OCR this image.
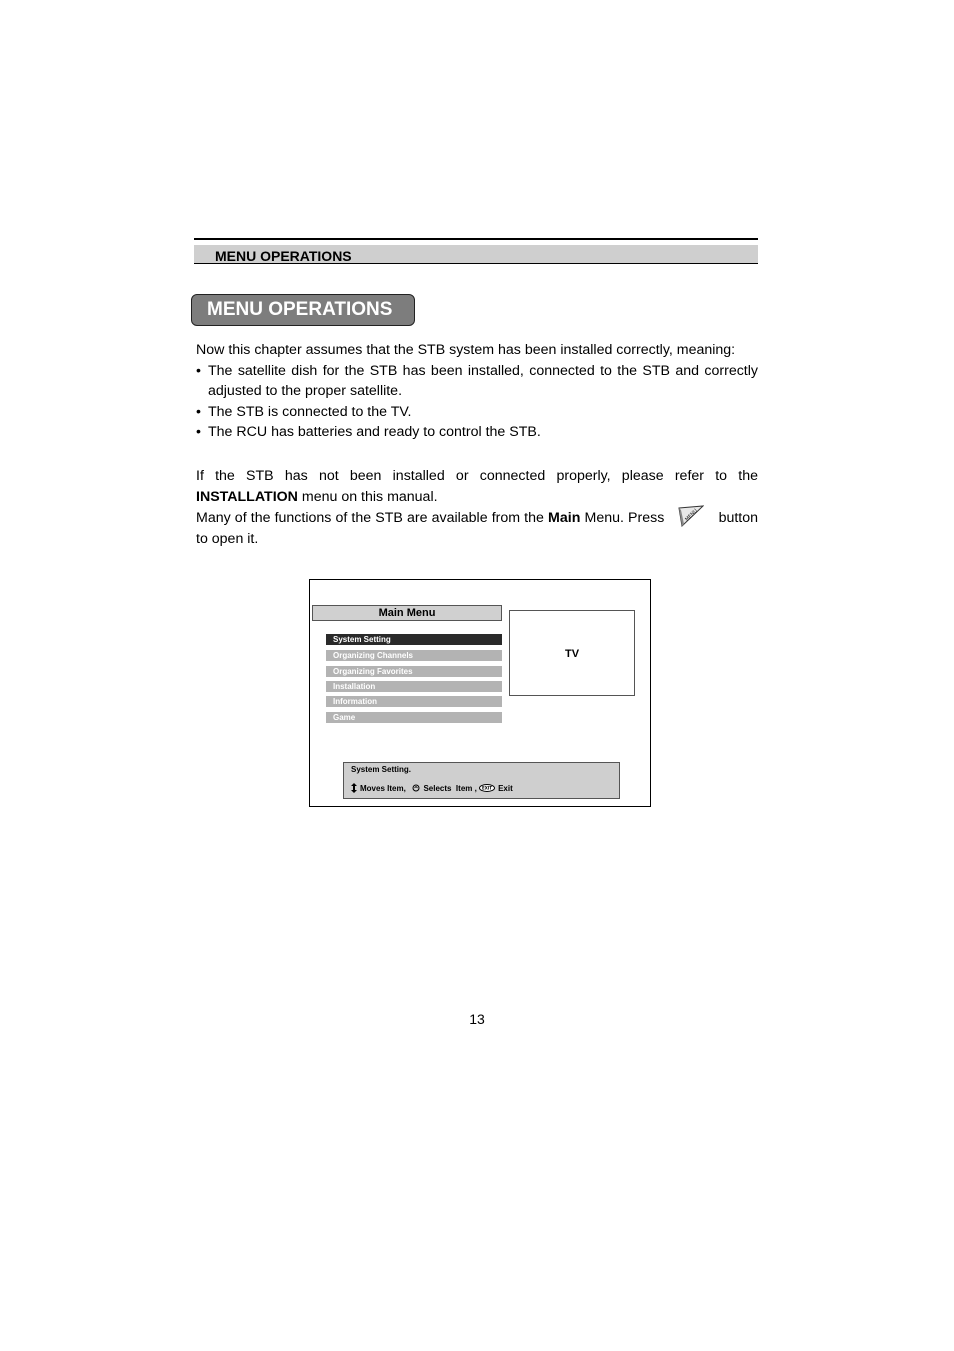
MENU OPERATIONS
MENU OPERATIONS

Now this chapter assumes that the STB system has been installed correctly, meaning:

• The satellite dish for the STB has been installed, connected to the STB and correctly adjusted to the proper satellite.
• The STB is connected to the TV.
• The RCU has batteries and ready to control the STB.

If the STB has not been installed or connected properly, please refer to the INSTALLATION menu on this manual.

Many of the functions of the STB are available from the Main Menu. Press	MENU button to open it.

Main Menu
System Setting
Organizing Channels
Organizing Favorites
Installation
Information
Game
TV
System Setting.
Moves Item,
Selects  Item ,
EXIT Exit
13
